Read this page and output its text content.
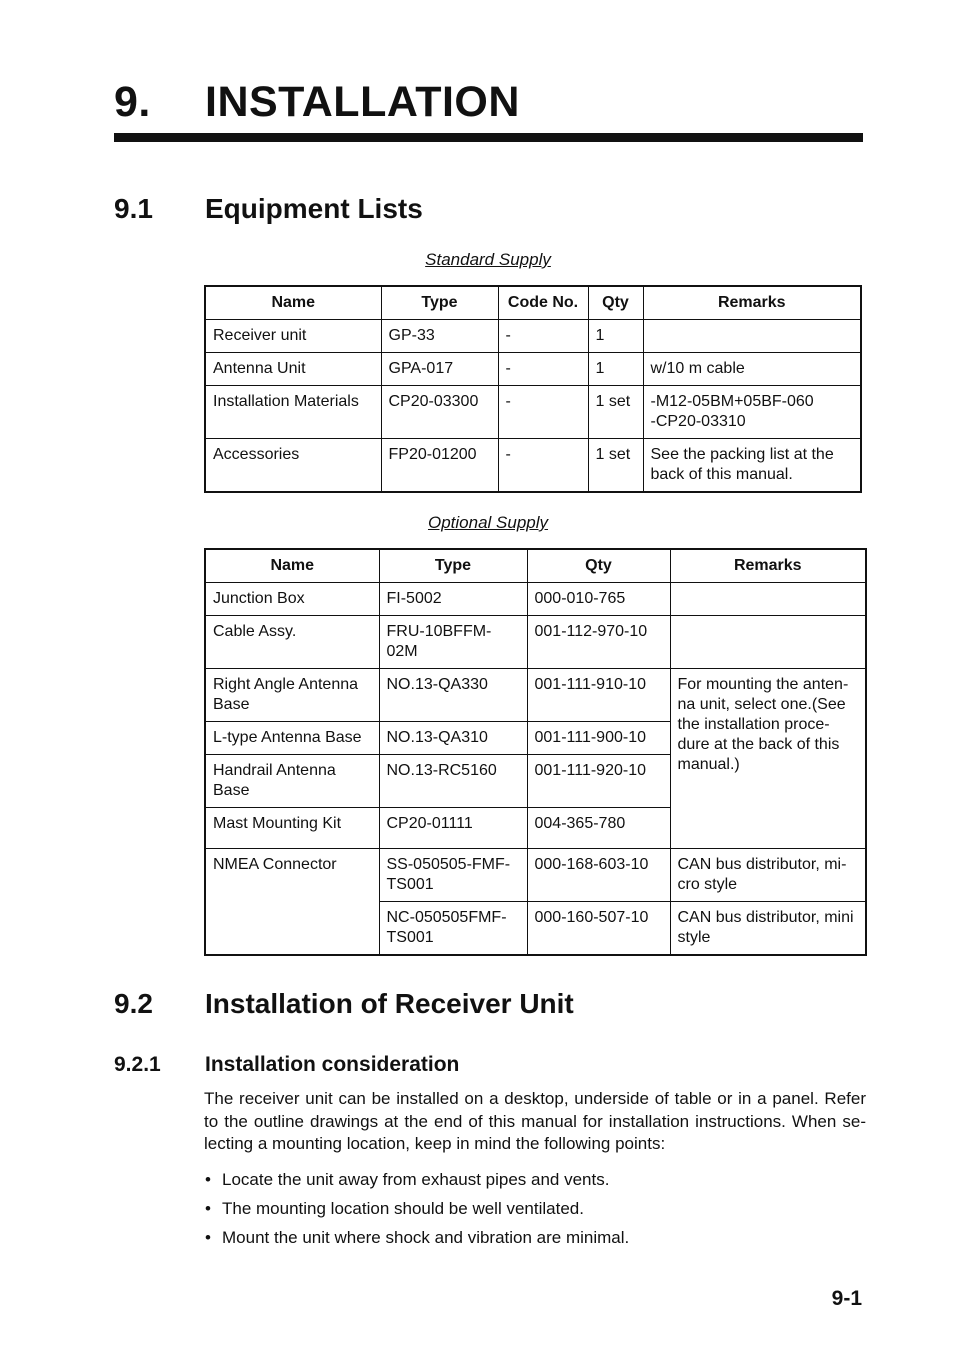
9. INSTALLATION
9.1 Equipment Lists
Standard Supply
Name	Type	Code No.	Qty	Remarks
Receiver unit	GP-33	-	1	
Antenna Unit	GPA-017	-	1	w/10 m cable
Installation Materials	CP20-03300	-	1 set	-M12-05BM+05BF-060
-CP20-03310
Accessories	FP20-01200	-	1 set	See the packing list at the back of this manual.
Optional Supply
Name	Type	Qty	Remarks
Junction Box	FI-5002	000-010-765	
Cable Assy.	FRU-10BFFM-02M	001-112-970-10	
Right Angle Antenna Base	NO.13-QA330	001-111-910-10	For mounting the anten-na unit, select one.(See the installation proce-dure at the back of this manual.)
L-type Antenna Base	NO.13-QA310	001-111-900-10	
Handrail Antenna Base	NO.13-RC5160	001-111-920-10	
Mast Mounting Kit	CP20-01111	004-365-780	
NMEA Connector	SS-050505-FMF-TS001	000-168-603-10	CAN bus distributor, mi-cro style
	NC-050505FMF-TS001	000-160-507-10	CAN bus distributor, mini style
9.2 Installation of Receiver Unit
9.2.1 Installation consideration
The receiver unit can be installed on a desktop, underside of table or in a panel. Refer to the outline drawings at the end of this manual for installation instructions. When se-lecting a mounting location, keep in mind the following points:
• Locate the unit away from exhaust pipes and vents.
• The mounting location should be well ventilated.
• Mount the unit where shock and vibration are minimal.
9-1
